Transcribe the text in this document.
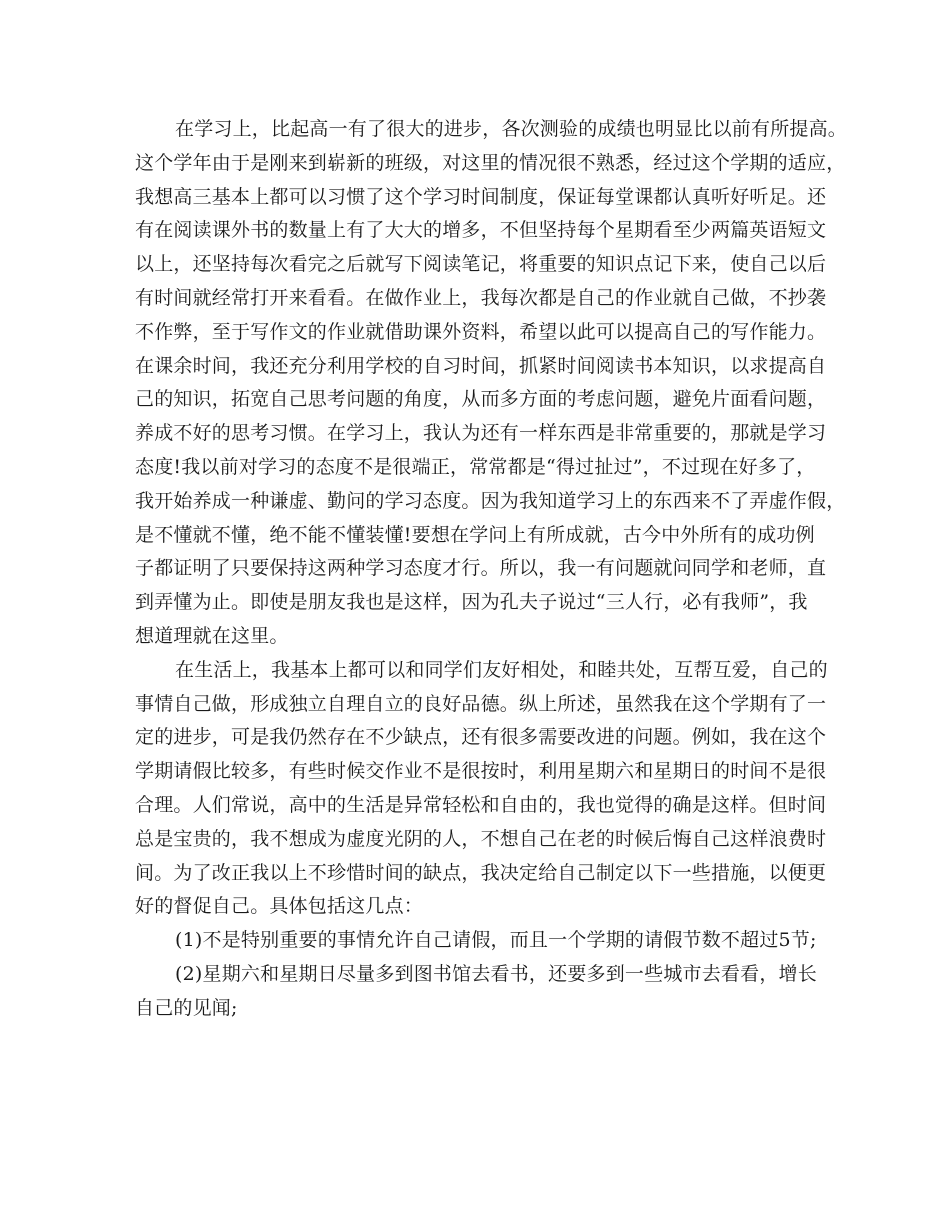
在学习上，比起高一有了很大的进步，各次测验的成绩也明显比以前有所提高。
这个学年由于是刚来到崭新的班级，对这里的情况很不熟悉，经过这个学期的适应，
我想高三基本上都可以习惯了这个学习时间制度，保证每堂课都认真听好听足。还
有在阅读课外书的数量上有了大大的增多，不但坚持每个星期看至少两篇英语短文
以上，还坚持每次看完之后就写下阅读笔记，将重要的知识点记下来，使自己以后
有时间就经常打开来看看。在做作业上，我每次都是自己的作业就自己做，不抄袭
不作弊，至于写作文的作业就借助课外资料，希望以此可以提高自己的写作能力。
在课余时间，我还充分利用学校的自习时间，抓紧时间阅读书本知识，以求提高自
己的知识，拓宽自己思考问题的角度，从而多方面的考虑问题，避免片面看问题，
养成不好的思考习惯。在学习上，我认为还有一样东西是非常重要的，那就是学习
态度!我以前对学习的态度不是很端正，常常都是“得过扯过”，不过现在好多了，
我开始养成一种谦虚、勤问的学习态度。因为我知道学习上的东西来不了弄虚作假，
是不懂就不懂，绝不能不懂装懂!要想在学问上有所成就，古今中外所有的成功例
子都证明了只要保持这两种学习态度才行。所以，我一有问题就问同学和老师，直
到弄懂为止。即使是朋友我也是这样，因为孔夫子说过“三人行，必有我师”，我
想道理就在这里。
在生活上，我基本上都可以和同学们友好相处，和睦共处，互帮互爱，自己的
事情自己做，形成独立自理自立的良好品德。纵上所述，虽然我在这个学期有了一
定的进步，可是我仍然存在不少缺点，还有很多需要改进的问题。例如，我在这个
学期请假比较多，有些时候交作业不是很按时，利用星期六和星期日的时间不是很
合理。人们常说，高中的生活是异常轻松和自由的，我也觉得的确是这样。但时间
总是宝贵的，我不想成为虚度光阴的人，不想自己在老的时候后悔自己这样浪费时
间。为了改正我以上不珍惜时间的缺点，我决定给自己制定以下一些措施，以便更
好的督促自己。具体包括这几点：
(1)不是特别重要的事情允许自己请假，而且一个学期的请假节数不超过5节;
(2)星期六和星期日尽量多到图书馆去看书，还要多到一些城市去看看，增长
自己的见闻;
